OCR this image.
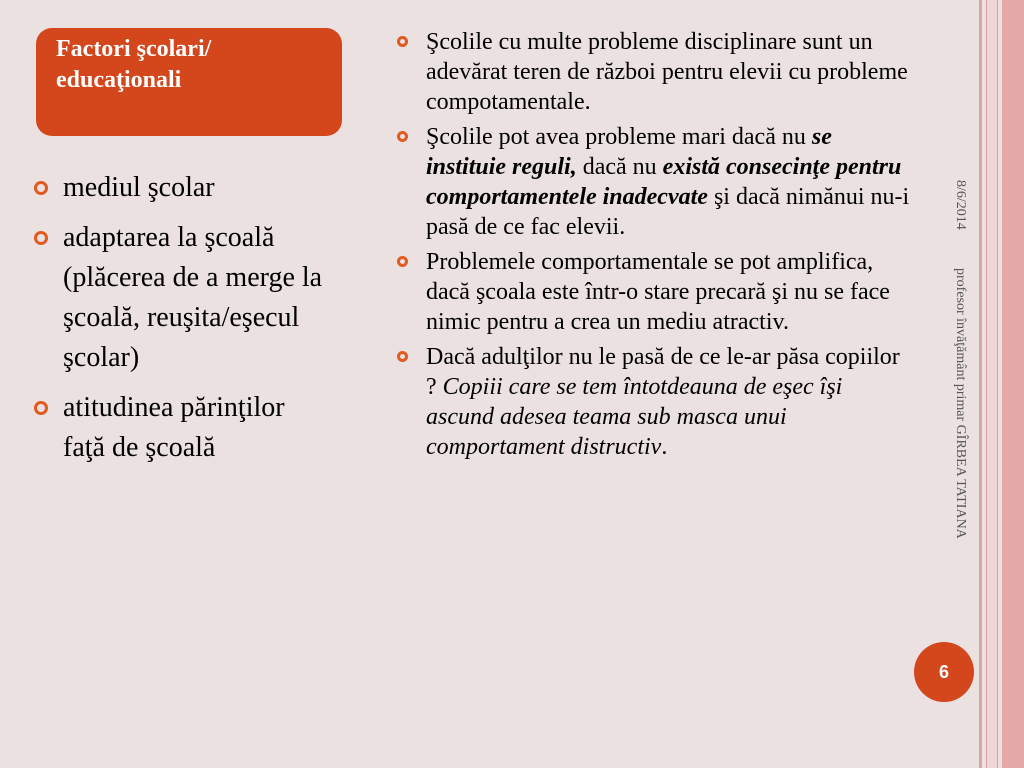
Factori şcolari/
educaţionali
mediul şcolar
adaptarea la şcoală (plăcerea de a merge la şcoală, reuşita/eşecul şcolar)
atitudinea părinţilor faţă de şcoală
Şcolile cu multe probleme disciplinare sunt un adevărat teren de război pentru elevii cu probleme compotamentale.
Şcolile pot avea probleme mari dacă nu se instituie reguli, dacă nu există consecinţe pentru comportamentele inadecvate şi dacă nimănui nu-i pasă de ce fac elevii.
Problemele comportamentale se pot amplifica, dacă şcoala este într-o stare precară şi nu se face nimic pentru a crea un mediu atractiv.
Dacă adulţilor nu le pasă de ce le-ar păsa copiilor ? Copiii care se tem întotdeauna de eşec îşi ascund adesea teama sub masca unui comportament distructiv.
8/6/2014
profesor învăţământ primar GÎRBEA TATIANA
6
